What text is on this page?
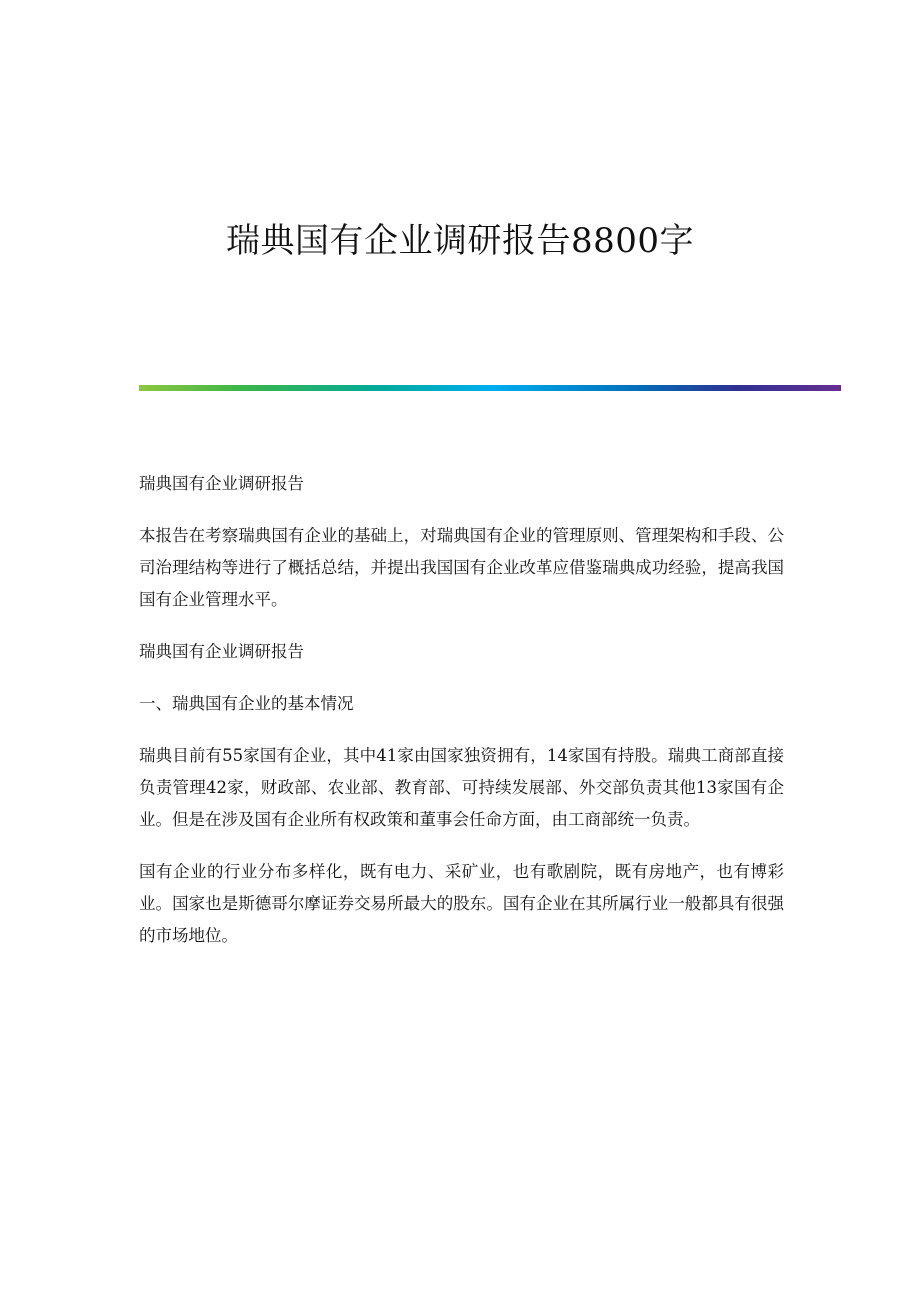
瑞典国有企业调研报告8800字

瑞典国有企业调研报告

本报告在考察瑞典国有企业的基础上，对瑞典国有企业的管理原则、管理架构和手段、公司治理结构等进行了概括总结，并提出我国国有企业改革应借鉴瑞典成功经验，提高我国国有企业管理水平。

瑞典国有企业调研报告

一、瑞典国有企业的基本情况

瑞典目前有55家国有企业，其中41家由国家独资拥有，14家国有持股。瑞典工商部直接负责管理42家，财政部、农业部、教育部、可持续发展部、外交部负责其他13家国有企业。但是在涉及国有企业所有权政策和董事会任命方面，由工商部统一负责。

国有企业的行业分布多样化，既有电力、采矿业，也有歌剧院，既有房地产，也有博彩业。国家也是斯德哥尔摩证券交易所最大的股东。国有企业在其所属行业一般都具有很强的市场地位。
